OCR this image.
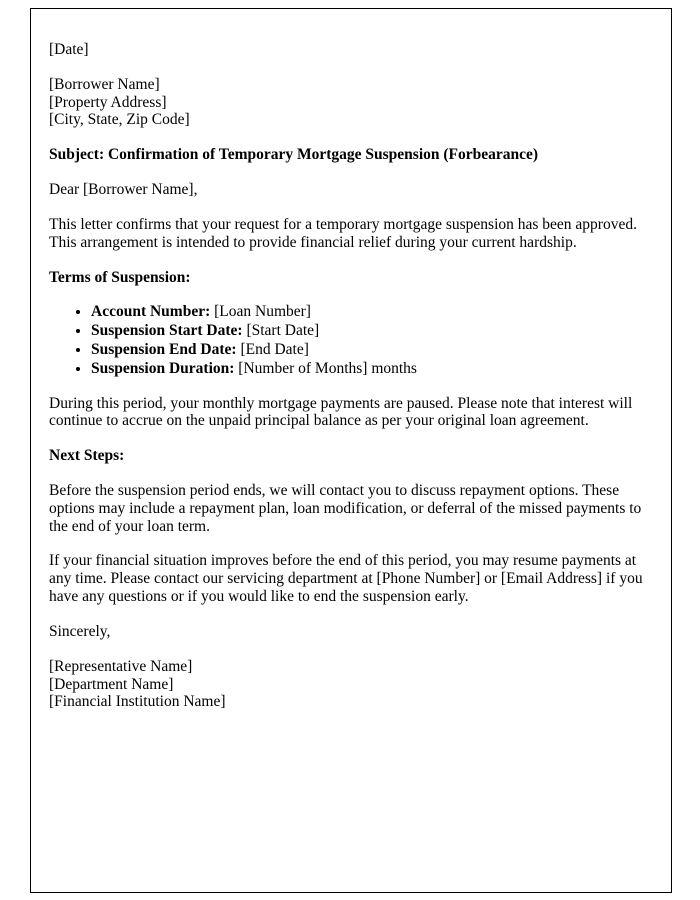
[Date]

[Borrower Name]
[Property Address]
[City, State, Zip Code]

Subject: Confirmation of Temporary Mortgage Suspension (Forbearance)

Dear [Borrower Name],

This letter confirms that your request for a temporary mortgage suspension has been approved. This arrangement is intended to provide financial relief during your current hardship.

Terms of Suspension:

• Account Number: [Loan Number]
• Suspension Start Date: [Start Date]
• Suspension End Date: [End Date]
• Suspension Duration: [Number of Months] months

During this period, your monthly mortgage payments are paused. Please note that interest will continue to accrue on the unpaid principal balance as per your original loan agreement.

Next Steps:

Before the suspension period ends, we will contact you to discuss repayment options. These options may include a repayment plan, loan modification, or deferral of the missed payments to the end of your loan term.

If your financial situation improves before the end of this period, you may resume payments at any time. Please contact our servicing department at [Phone Number] or [Email Address] if you have any questions or if you would like to end the suspension early.

Sincerely,

[Representative Name]
[Department Name]
[Financial Institution Name]
